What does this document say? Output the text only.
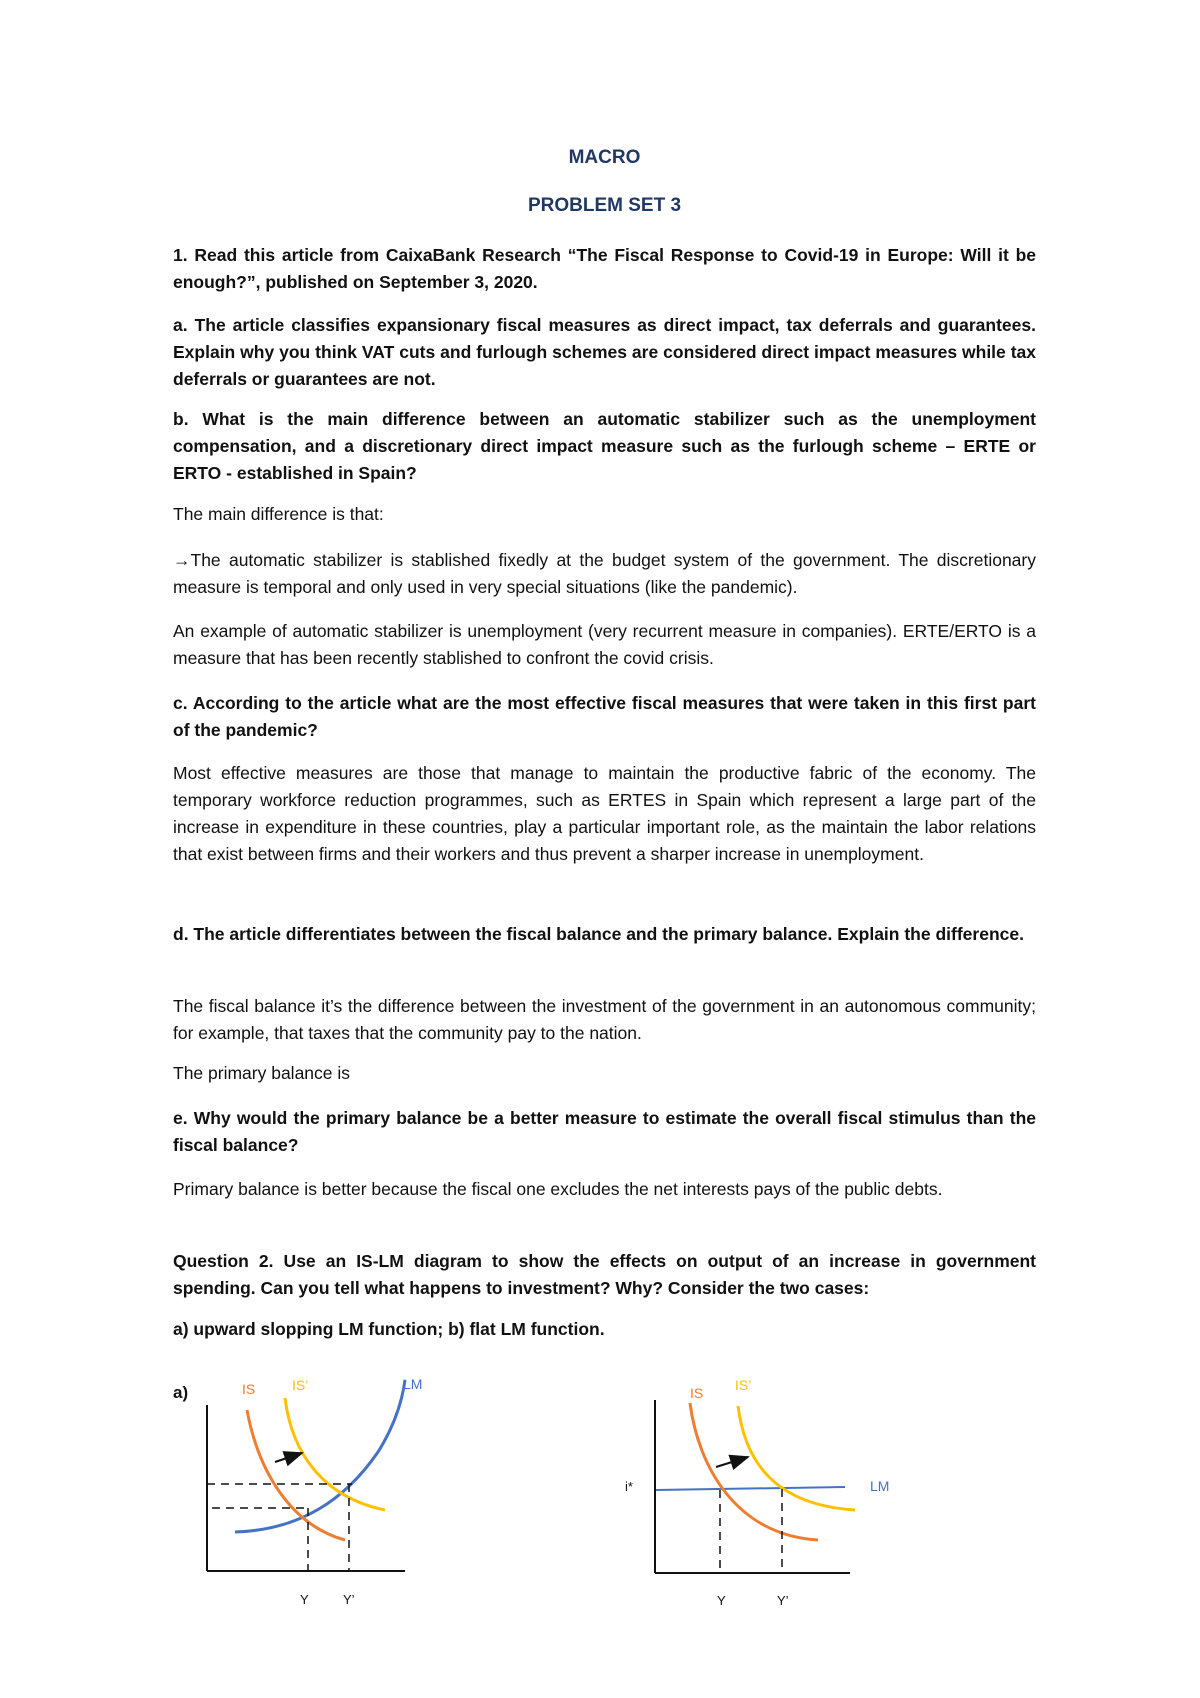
MACRO
PROBLEM SET 3

1. Read this article from CaixaBank Research “The Fiscal Response to Covid-19 in Europe: Will it be enough?”, published on September 3, 2020.

a. The article classifies expansionary fiscal measures as direct impact, tax deferrals and guarantees. Explain why you think VAT cuts and furlough schemes are considered direct impact measures while tax deferrals or guarantees are not.

b. What is the main difference between an automatic stabilizer such as the unemployment compensation, and a discretionary direct impact measure such as the furlough scheme – ERTE or ERTO - established in Spain?

The main difference is that:

→The automatic stabilizer is stablished fixedly at the budget system of the government. The discretionary measure is temporal and only used in very special situations (like the pandemic).

An example of automatic stabilizer is unemployment (very recurrent measure in companies). ERTE/ERTO is a measure that has been recently stablished to confront the covid crisis.

c. According to the article what are the most effective fiscal measures that were taken in this first part of the pandemic?

Most effective measures are those that manage to maintain the productive fabric of the economy. The temporary workforce reduction programmes, such as ERTES in Spain which represent a large part of the increase in expenditure in these countries, play a particular important role, as the maintain the labor relations that exist between firms and their workers and thus prevent a sharper increase in unemployment.

d. The article differentiates between the fiscal balance and the primary balance. Explain the difference.

The fiscal balance it’s the difference between the investment of the government in an autonomous community; for example, that taxes that the community pay to the nation.

The primary balance is

e. Why would the primary balance be a better measure to estimate the overall fiscal stimulus than the fiscal balance?

Primary balance is better because the fiscal one excludes the net interests pays of the public debts.

Question 2. Use an IS-LM diagram to show the effects on output of an increase in government spending. Can you tell what happens to investment? Why? Consider the two cases:

a) upward slopping LM function; b) flat LM function.

a)	IS	IS’	LM
Y	Y’
IS IS’
LM
i*
Y	Y’
